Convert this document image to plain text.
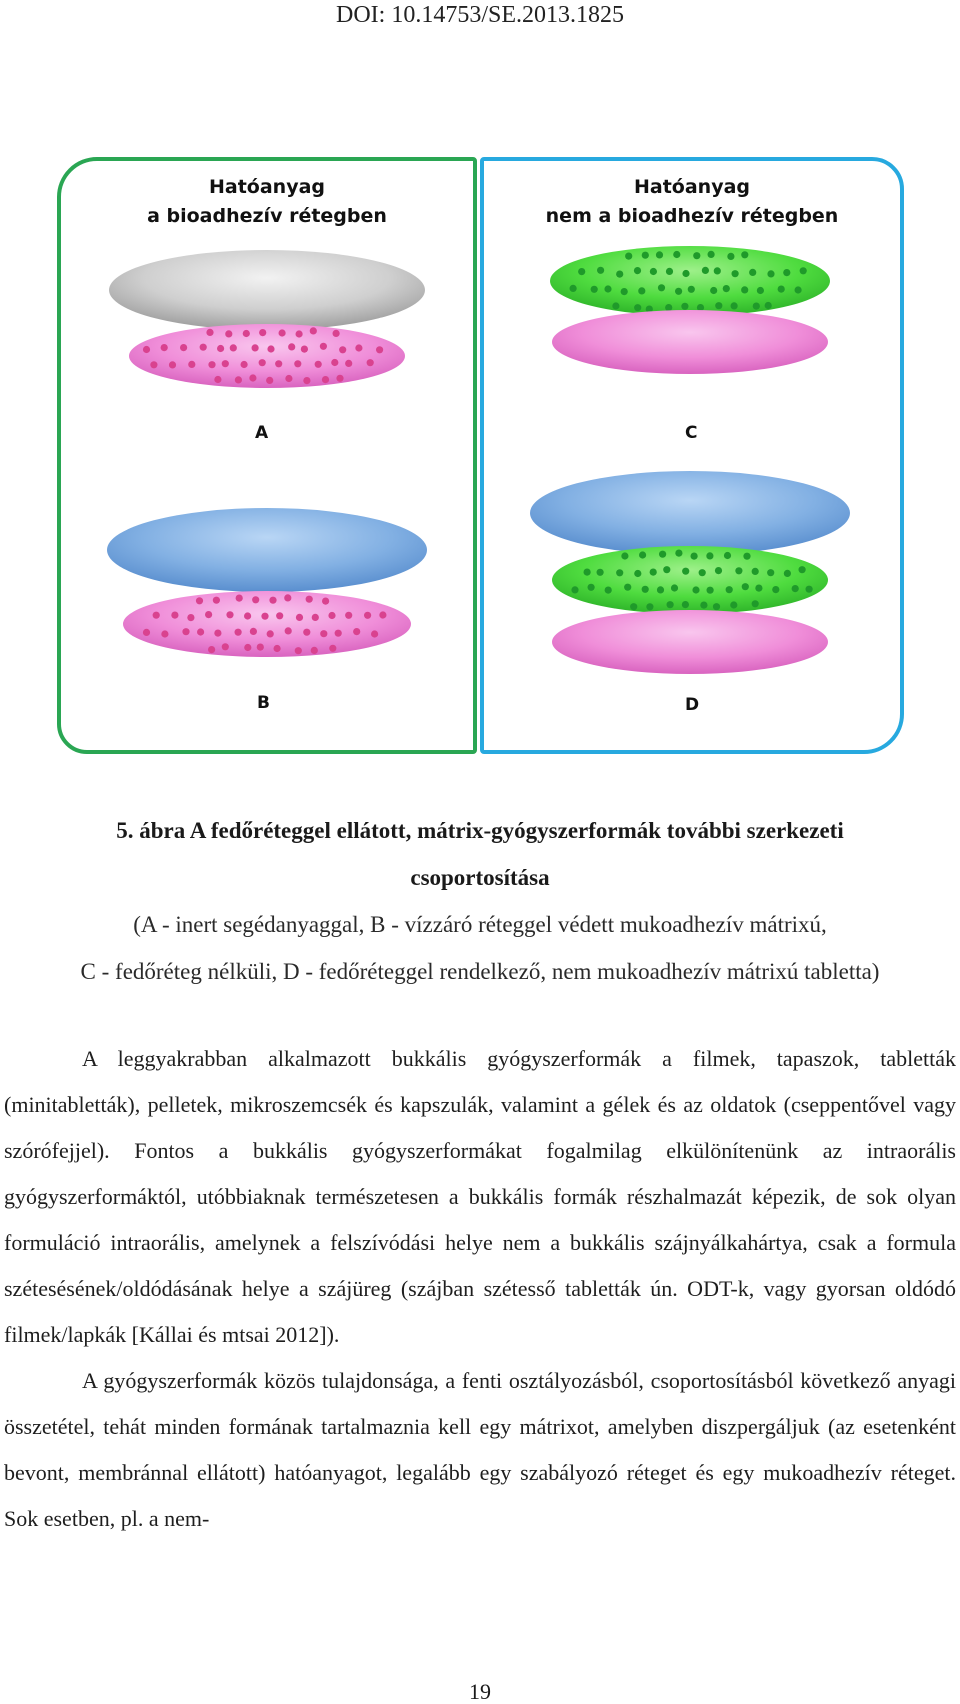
DOI: 10.14753/SE.2013.1825
Hatóanyag
a bioadhezív rétegben
A
B
Hatóanyag
nem a bioadhezív rétegben
C
D
5. ábra A fedőréteggel ellátott, mátrix-gyógyszerformák további szerkezeti
csoportosítása
(A - inert segédanyaggal, B - vízzáró réteggel védett mukoadhezív mátrixú,
C - fedőréteg nélküli, D - fedőréteggel rendelkező, nem mukoadhezív mátrixú tabletta)

A leggyakrabban alkalmazott bukkális gyógyszerformák a filmek, tapaszok, tabletták (minitabletták), pelletek, mikroszemcsék és kapszulák, valamint a gélek és az oldatok (cseppentővel vagy szórófejjel). Fontos a bukkális gyógyszerformákat fogalmilag elkülönítenünk az intraorális gyógyszerformáktól, utóbbiaknak természetesen a bukkális formák részhalmazát képezik, de sok olyan formuláció intraorális, amelynek a felszívódási helye nem a bukkális szájnyálkahártya, csak a formula szétesésének/oldódásának helye a szájüreg (szájban szétesső tabletták ún. ODT-k, vagy gyorsan oldódó filmek/lapkák [Kállai és mtsai 2012]).

A gyógyszerformák közös tulajdonsága, a fenti osztályozásból, csoportosításból következő anyagi összetétel, tehát minden formának tartalmaznia kell egy mátrixot, amelyben diszpergáljuk (az esetenként bevont, membránnal ellátott) hatóanyagot, legalább egy szabályozó réteget és egy mukoadhezív réteget. Sok esetben, pl. a nem-

19
